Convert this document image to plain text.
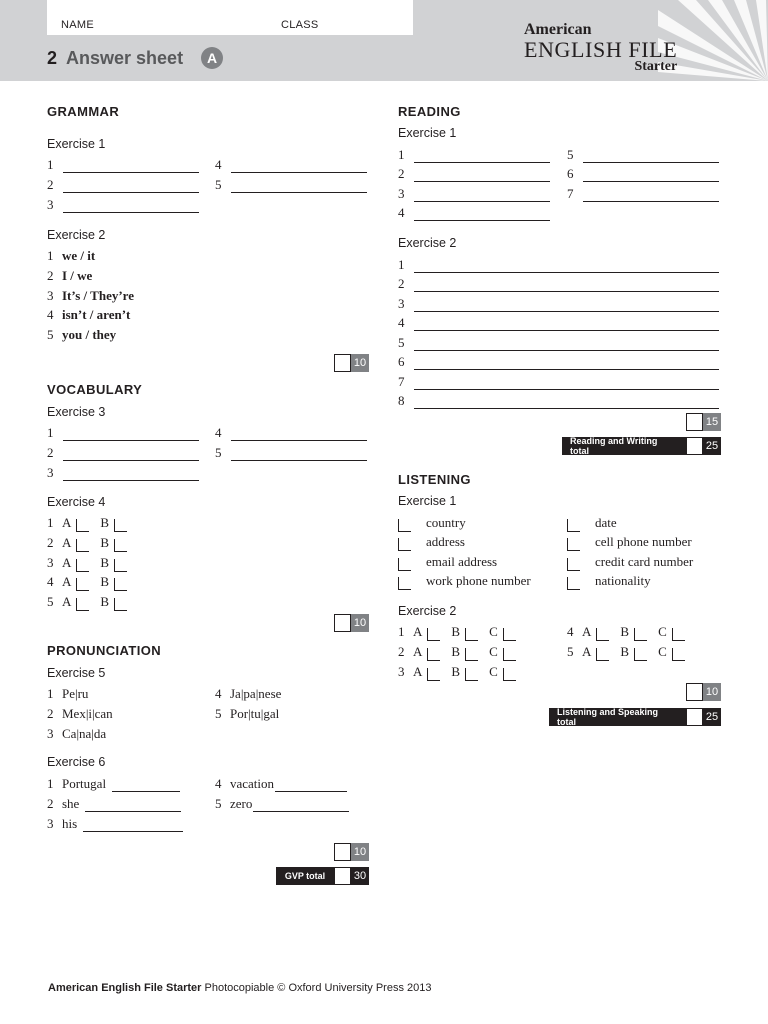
NAME	CLASS
2 Answer sheet	A
American
ENGLISH FILE
Starter
GRAMMAR
Exercise 1
1
2
3
4
5
Exercise 2
1 we / it
2 I / we
3 It’s / They’re
4 isn’t / aren’t
5 you / they
10
VOCABULARY
Exercise 3
1
2
3
4
5
Exercise 4
1 A B
2 A B
3 A B
4 A B
5 A B
10
PRONUNCIATION
Exercise 5
1 Pe|ru
2 Mex|i|can
3 Ca|na|da
4 Ja|pa|nese
5 Por|tu|gal
Exercise 6
1 Portugal
2 she
3 his
4 vacation
5 zero
10
GVP total	30
READING
Exercise 1
1
2
3
4
5
6
7
Exercise 2
1
2
3
4
5
6
7
8
15
Reading and Writing total	25
LISTENING
Exercise 1
country
address
email address
work phone number
date
cell phone number
credit card number
nationality
Exercise 2
1 A B C
2 A B C
3 A B C
4 A B C
5 A B C
10
Listening and Speaking total	25
American English File Starter Photocopiable © Oxford University Press 2013
